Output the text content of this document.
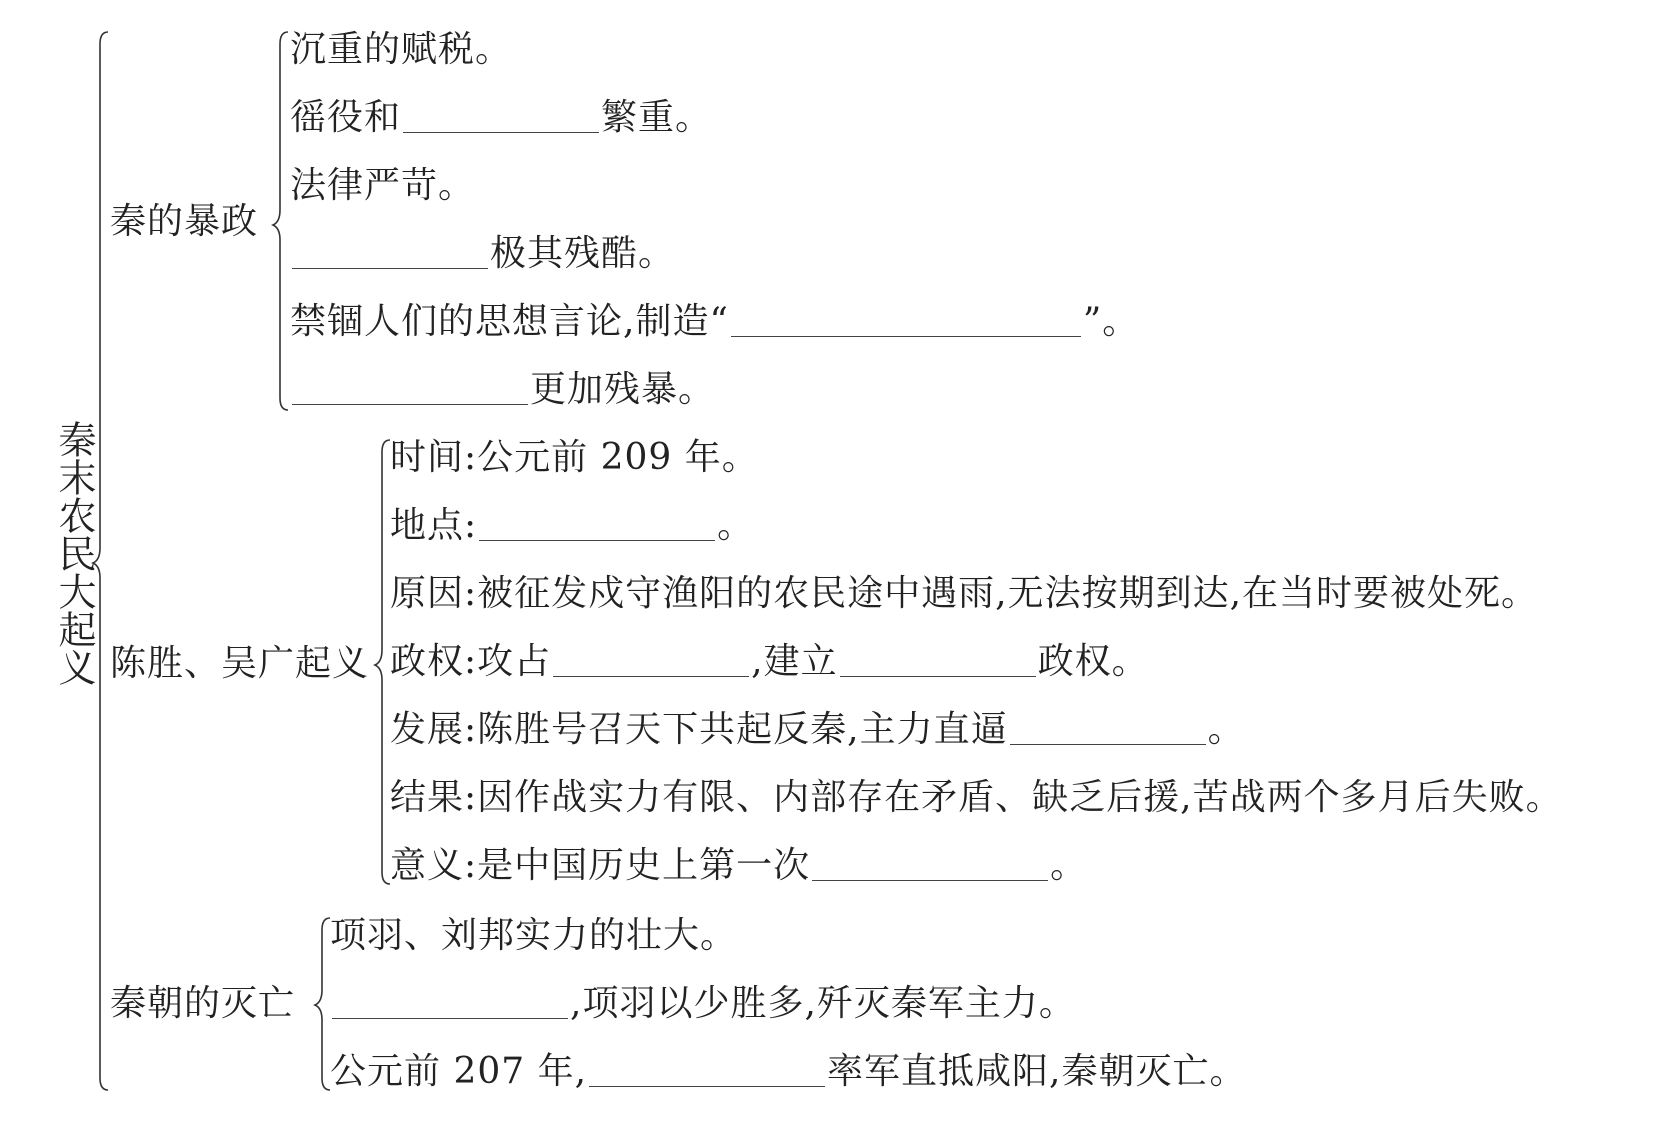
秦末农民大起义
秦的暴政
沉重的赋税。
徭役和	繁重。
法律严苛。
极其残酷。
禁锢人们的思想言论,制造“	”。
更加残暴。
陈胜、吴广起义
时间:公元前 209 年。
地点:	。
原因:被征发戍守渔阳的农民途中遇雨,无法按期到达,在当时要被处死。
政权:攻占	,建立	政权。
发展:陈胜号召天下共起反秦,主力直逼	。
结果:因作战实力有限、内部存在矛盾、缺乏后援,苦战两个多月后失败。
意义:是中国历史上第一次	。
秦朝的灭亡
项羽、刘邦实力的壮大。
,项羽以少胜多,歼灭秦军主力。
公元前 207 年,	率军直抵咸阳,秦朝灭亡。
